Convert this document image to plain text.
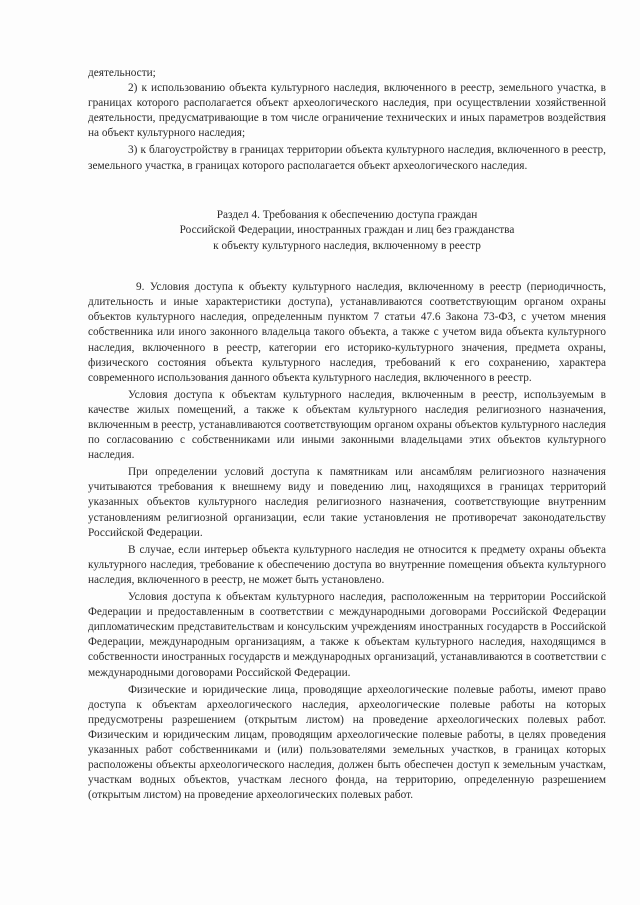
деятельности;

2) к использованию объекта культурного наследия, включенного в реестр, земельного участка, в границах которого располагается объект археологического наследия, при осуществлении хозяйственной деятельности, предусматривающие в том числе ограничение технических и иных параметров воздействия на объект культурного наследия;

3) к благоустройству в границах территории объекта культурного наследия, включенного в реестр, земельного участка, в границах которого располагается объект археологического наследия.

Раздел 4. Требования к обеспечению доступа граждан
Российской Федерации, иностранных граждан и лиц без гражданства
к объекту культурного наследия, включенному в реестр

9. Условия доступа к объекту культурного наследия, включенному в реестр (периодичность, длительность и иные характеристики доступа), устанавливаются соответствующим органом охраны объектов культурного наследия, определенным пунктом 7 статьи 47.6 Закона 73-ФЗ, с учетом мнения собственника или иного законного владельца такого объекта, а также с учетом вида объекта культурного наследия, включенного в реестр, категории его историко-культурного значения, предмета охраны, физического состояния объекта культурного наследия, требований к его сохранению, характера современного использования данного объекта культурного наследия, включенного в реестр.

Условия доступа к объектам культурного наследия, включенным в реестр, используемым в качестве жилых помещений, а также к объектам культурного наследия религиозного назначения, включенным в реестр, устанавливаются соответствующим органом охраны объектов культурного наследия по согласованию с собственниками или иными законными владельцами этих объектов культурного наследия.

При определении условий доступа к памятникам или ансамблям религиозного назначения учитываются требования к внешнему виду и поведению лиц, находящихся в границах территорий указанных объектов культурного наследия религиозного назначения, соответствующие внутренним установлениям религиозной организации, если такие установления не противоречат законодательству Российской Федерации.

В случае, если интерьер объекта культурного наследия не относится к предмету охраны объекта культурного наследия, требование к обеспечению доступа во внутренние помещения объекта культурного наследия, включенного в реестр, не может быть установлено.

Условия доступа к объектам культурного наследия, расположенным на территории Российской Федерации и предоставленным в соответствии с международными договорами Российской Федерации дипломатическим представительствам и консульским учреждениям иностранных государств в Российской Федерации, международным организациям, а также к объектам культурного наследия, находящимся в собственности иностранных государств и международных организаций, устанавливаются в соответствии с международными договорами Российской Федерации.

Физические и юридические лица, проводящие археологические полевые работы, имеют право доступа к объектам археологического наследия, археологические полевые работы на которых предусмотрены разрешением (открытым листом) на проведение археологических полевых работ. Физическим и юридическим лицам, проводящим археологические полевые работы, в целях проведения указанных работ собственниками и (или) пользователями земельных участков, в границах которых расположены объекты археологического наследия, должен быть обеспечен доступ к земельным участкам, участкам водных объектов, участкам лесного фонда, на территорию, определенную разрешением (открытым листом) на проведение археологических полевых работ.
